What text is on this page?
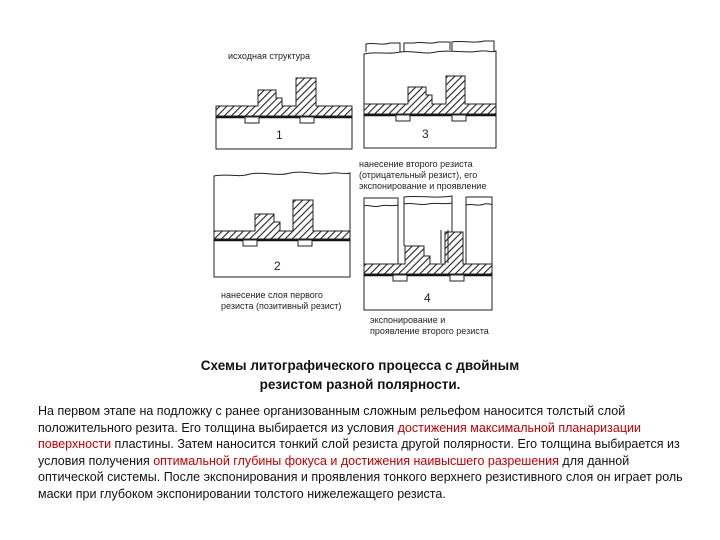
1
исходная структура
2
нанесение слоя первого резиста (позитивный резист)
3
нанесение второго резиста (отрицательный резист), его экспонирование и проявление
4
экспонирование и проявление второго резиста
Схемы литографического процесса с двойным
резистом разной полярности.

На первом этапе на подложку с ранее организованным сложным рельефом наносится толстый слой положительного резита. Его толщина выбирается из условия достижения максимальной планаризации поверхности пластины. Затем наносится тонкий слой резиста другой полярности. Его толщина выбирается из условия получения оптимальной глубины фокуса и достижения наивысшего разрешения для данной оптической системы. После экспонирования и проявления тонкого верхнего резистивного слоя он играет роль маски при глубоком экспонировании толстого нижележащего резиста.
